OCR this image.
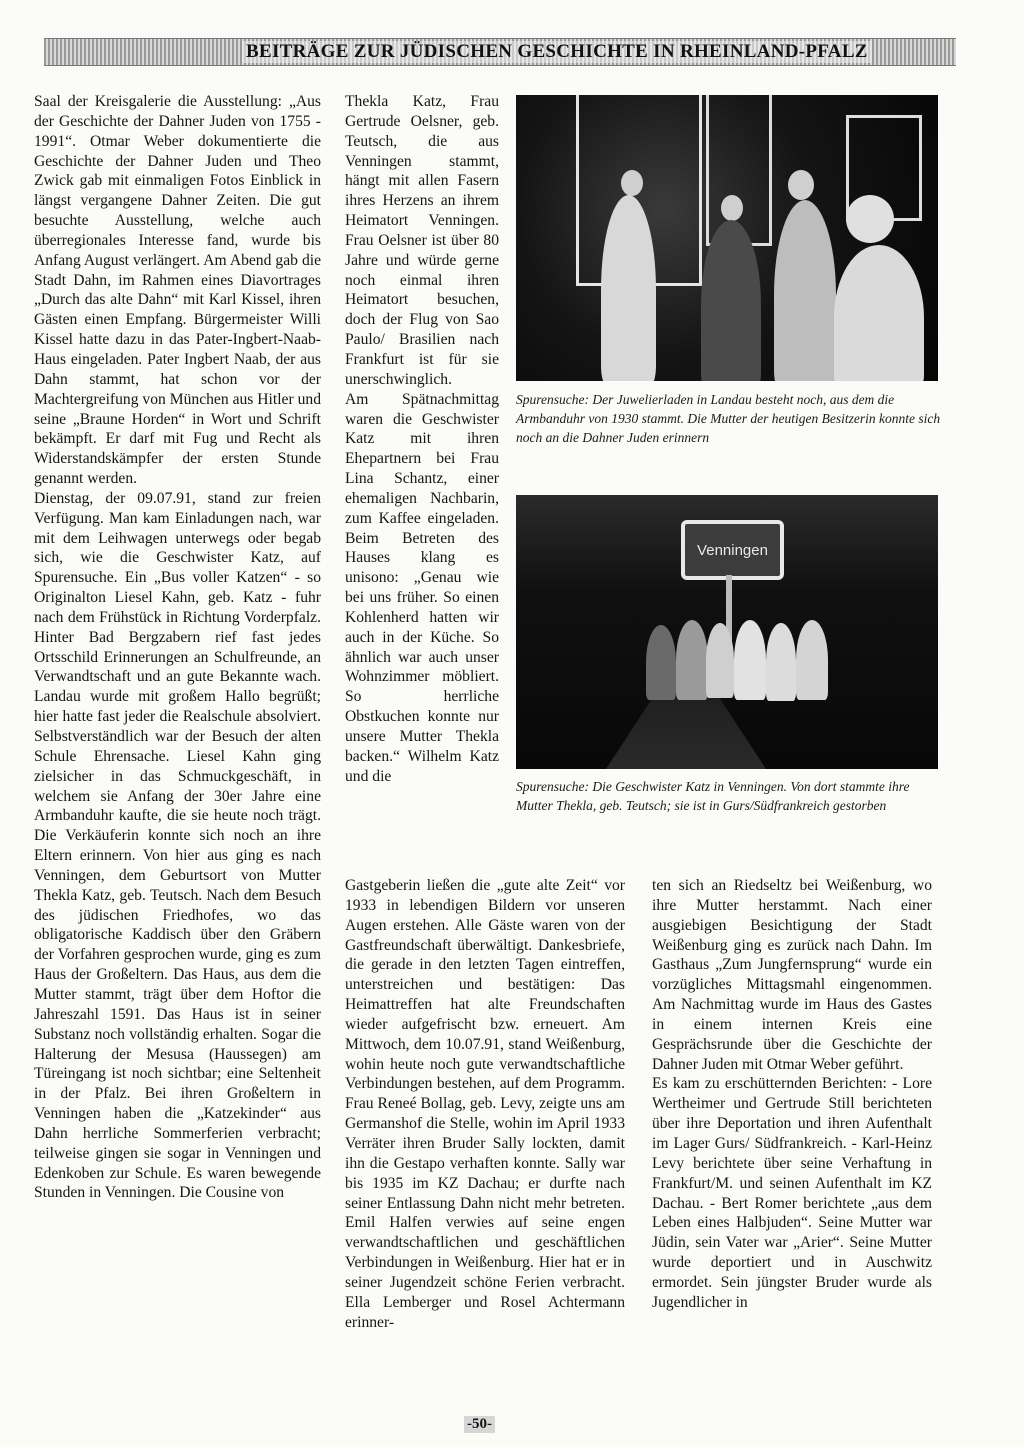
BEITRÄGE ZUR JÜDISCHEN GESCHICHTE IN RHEINLAND-PFALZ

Saal der Kreisgalerie die Ausstellung: „Aus der Geschichte der Dahner Juden von 1755 - 1991“. Otmar Weber dokumentierte die Geschichte der Dahner Juden und Theo Zwick gab mit einmaligen Fotos Einblick in längst vergangene Dahner Zeiten. Die gut besuchte Ausstellung, welche auch überregionales Interesse fand, wurde bis Anfang August verlängert. Am Abend gab die Stadt Dahn, im Rahmen eines Diavortrages „Durch das alte Dahn“ mit Karl Kissel, ihren Gästen einen Empfang. Bürgermeister Willi Kissel hatte dazu in das Pater-Ingbert-Naab-Haus eingeladen. Pater Ingbert Naab, der aus Dahn stammt, hat schon vor der Machtergreifung von München aus Hitler und seine „Braune Horden“ in Wort und Schrift bekämpft. Er darf mit Fug und Recht als Widerstandskämpfer der ersten Stunde genannt werden.

Dienstag, der 09.07.91, stand zur freien Verfügung. Man kam Einladungen nach, war mit dem Leihwagen unterwegs oder begab sich, wie die Geschwister Katz, auf Spurensuche. Ein „Bus voller Katzen“ - so Originalton Liesel Kahn, geb. Katz - fuhr nach dem Frühstück in Richtung Vorderpfalz. Hinter Bad Bergzabern rief fast jedes Ortsschild Erinnerungen an Schulfreunde, an Verwandtschaft und an gute Bekannte wach. Landau wurde mit großem Hallo begrüßt; hier hatte fast jeder die Realschule absolviert. Selbstverständlich war der Besuch der alten Schule Ehrensache. Liesel Kahn ging zielsicher in das Schmuckgeschäft, in welchem sie Anfang der 30er Jahre eine Armbanduhr kaufte, die sie heute noch trägt. Die Verkäuferin konnte sich noch an ihre Eltern erinnern. Von hier aus ging es nach Venningen, dem Geburtsort von Mutter Thekla Katz, geb. Teutsch. Nach dem Besuch des jüdischen Friedhofes, wo das obligatorische Kaddisch über den Gräbern der Vorfahren gesprochen wurde, ging es zum Haus der Großeltern. Das Haus, aus dem die Mutter stammt, trägt über dem Hoftor die Jahreszahl 1591. Das Haus ist in seiner Substanz noch vollständig erhalten. Sogar die Halterung der Mesusa (Haussegen) am Türeingang ist noch sichtbar; eine Seltenheit in der Pfalz. Bei ihren Großeltern in Venningen haben die „Katzekinder“ aus Dahn herrliche Sommerferien verbracht; teilweise gingen sie sogar in Venningen und Edenkoben zur Schule. Es waren bewegende Stunden in Venningen. Die Cousine von

Thekla Katz, Frau Gertrude Oelsner, geb. Teutsch, die aus Venningen stammt, hängt mit allen Fasern ihres Herzens an ihrem Heimatort Venningen. Frau Oelsner ist über 80 Jahre und würde gerne noch einmal ihren Heimatort besuchen, doch der Flug von Sao Paulo/ Brasilien nach Frankfurt ist für sie unerschwinglich.

Am Spätnachmittag waren die Geschwister Katz mit ihren Ehepartnern bei Frau Lina Schantz, einer ehemaligen Nachbarin, zum Kaffee eingeladen. Beim Betreten des Hauses klang es unisono: „Genau wie bei uns früher. So einen Kohlenherd hatten wir auch in der Küche. So ähnlich war auch unser Wohnzimmer möbliert. So herrliche Obstkuchen konnte nur unsere Mutter Thekla backen.“ Wilhelm Katz und die

Spurensuche: Der Juwelierladen in Landau besteht noch, aus dem die Armbanduhr von 1930 stammt. Die Mutter der heutigen Besitzerin konnte sich noch an die Dahner Juden erinnern
Venningen
Spurensuche: Die Geschwister Katz in Venningen. Von dort stammte ihre Mutter Thekla, geb. Teutsch; sie ist in Gurs/Südfrankreich gestorben

Gastgeberin ließen die „gute alte Zeit“ vor 1933 in lebendigen Bildern vor unseren Augen erstehen. Alle Gäste waren von der Gastfreundschaft überwältigt. Dankesbriefe, die gerade in den letzten Tagen eintreffen, unterstreichen und bestätigen: Das Heimattreffen hat alte Freundschaften wieder aufgefrischt bzw. erneuert. Am Mittwoch, dem 10.07.91, stand Weißenburg, wohin heute noch gute verwandtschaftliche Verbindungen bestehen, auf dem Programm. Frau Reneé Bollag, geb. Levy, zeigte uns am Germanshof die Stelle, wohin im April 1933 Verräter ihren Bruder Sally lockten, damit ihn die Gestapo verhaften konnte. Sally war bis 1935 im KZ Dachau; er durfte nach seiner Entlassung Dahn nicht mehr betreten. Emil Halfen verwies auf seine engen verwandtschaftlichen und geschäftlichen Verbindungen in Weißenburg. Hier hat er in seiner Jugendzeit schöne Ferien verbracht. Ella Lemberger und Rosel Achtermann erinner-

ten sich an Riedseltz bei Weißenburg, wo ihre Mutter herstammt. Nach einer ausgiebigen Besichtigung der Stadt Weißenburg ging es zurück nach Dahn. Im Gasthaus „Zum Jungfernsprung“ wurde ein vorzügliches Mittagsmahl eingenommen. Am Nachmittag wurde im Haus des Gastes in einem internen Kreis eine Gesprächsrunde über die Geschichte der Dahner Juden mit Otmar Weber geführt.

Es kam zu erschütternden Berichten: - Lore Wertheimer und Gertrude Still berichteten über ihre Deportation und ihren Aufenthalt im Lager Gurs/ Südfrankreich. - Karl-Heinz Levy berichtete über seine Verhaftung in Frankfurt/M. und seinen Aufenthalt im KZ Dachau. - Bert Romer berichtete „aus dem Leben eines Halbjuden“. Seine Mutter war Jüdin, sein Vater war „Arier“. Seine Mutter wurde deportiert und in Auschwitz ermordet. Sein jüngster Bruder wurde als Jugendlicher in

-50-
